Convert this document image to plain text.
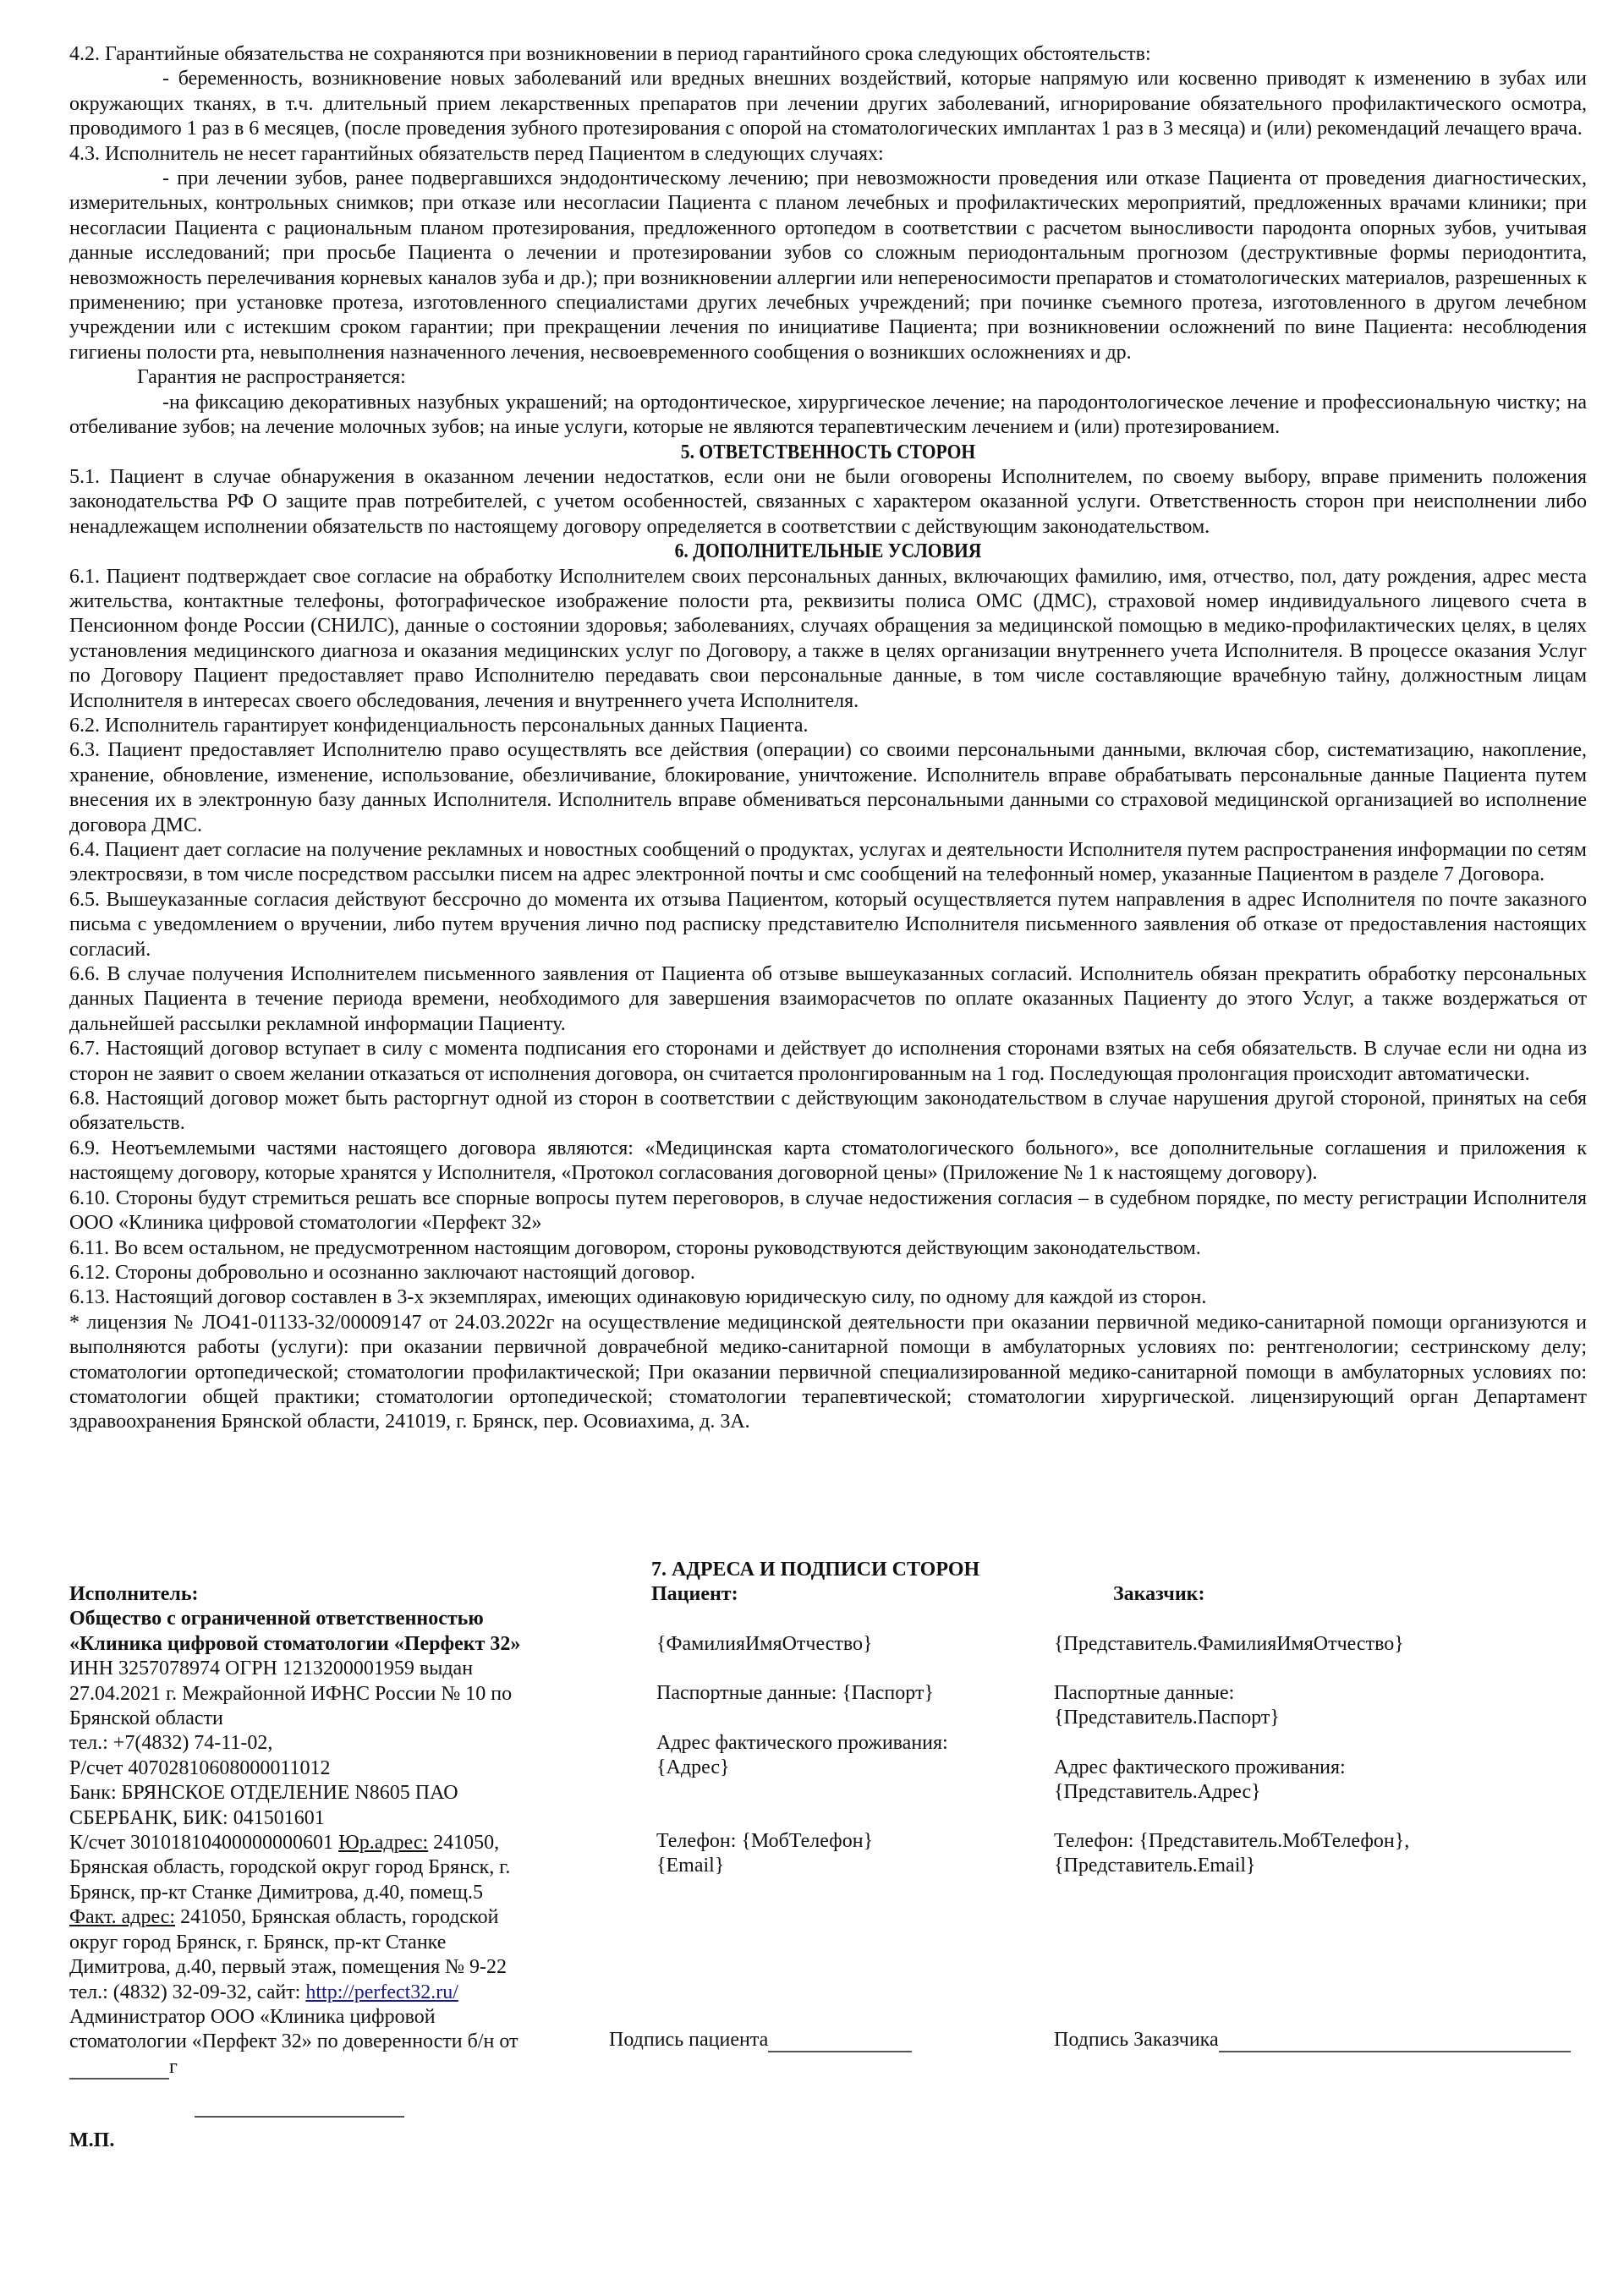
4.2. Гарантийные обязательства не сохраняются при возникновении в период гарантийного срока следующих обстоятельств:

- беременность, возникновение новых заболеваний или вредных внешних воздействий, которые напрямую или косвенно приводят к изменению в зубах или окружающих тканях, в т.ч. длительный прием лекарственных препаратов при лечении других заболеваний, игнорирование обязательного профилактического осмотра, проводимого 1 раз в 6 месяцев, (после проведения зубного протезирования с опорой на стоматологических имплантах 1 раз в 3 месяца) и (или) рекомендаций лечащего врача.

4.3. Исполнитель не несет гарантийных обязательств перед Пациентом в следующих случаях:

- при лечении зубов, ранее подвергавшихся эндодонтическому лечению; при невозможности проведения или отказе Пациента от проведения диагностических, измерительных, контрольных снимков; при отказе или несогласии Пациента с планом лечебных и профилактических мероприятий, предложенных врачами клиники; при несогласии Пациента с рациональным планом протезирования, предложенного ортопедом в соответствии с расчетом выносливости пародонта опорных зубов, учитывая данные исследований; при просьбе Пациента о лечении и протезировании зубов со сложным периодонтальным прогнозом (деструктивные формы периодонтита, невозможность перелечивания корневых каналов зуба и др.); при возникновении аллергии или непереносимости препаратов и стоматологических материалов, разрешенных к применению; при установке протеза, изготовленного специалистами других лечебных учреждений; при починке съемного протеза, изготовленного в другом лечебном учреждении или с истекшим сроком гарантии; при прекращении лечения по инициативе Пациента; при возникновении осложнений по вине Пациента: несоблюдения гигиены полости рта, невыполнения назначенного лечения, несвоевременного сообщения о возникших осложнениях и др.

Гарантия не распространяется:

-на фиксацию декоративных назубных украшений; на ортодонтическое, хирургическое лечение; на пародонтологическое лечение и профессиональную чистку; на отбеливание зубов; на лечение молочных зубов; на иные услуги, которые не являются терапевтическим лечением и (или) протезированием.

5. ОТВЕТСТВЕННОСТЬ СТОРОН

5.1. Пациент в случае обнаружения в оказанном лечении недостатков, если они не были оговорены Исполнителем, по своему выбору, вправе применить положения законодательства РФ О защите прав потребителей, с учетом особенностей, связанных с характером оказанной услуги. Ответственность сторон при неисполнении либо ненадлежащем исполнении обязательств по настоящему договору определяется в соответствии с действующим законодательством.

6. ДОПОЛНИТЕЛЬНЫЕ УСЛОВИЯ

6.1. Пациент подтверждает свое согласие на обработку Исполнителем своих персональных данных, включающих фамилию, имя, отчество, пол, дату рождения, адрес места жительства, контактные телефоны, фотографическое изображение полости рта, реквизиты полиса ОМС (ДМС), страховой номер индивидуального лицевого счета в Пенсионном фонде России (СНИЛС), данные о состоянии здоровья; заболеваниях, случаях обращения за медицинской помощью в медико-профилактических целях, в целях установления медицинского диагноза и оказания медицинских услуг по Договору, а также в целях организации внутреннего учета Исполнителя. В процессе оказания Услуг по Договору Пациент предоставляет право Исполнителю передавать свои персональные данные, в том числе составляющие врачебную тайну, должностным лицам Исполнителя в интересах своего обследования, лечения и внутреннего учета Исполнителя.

6.2. Исполнитель гарантирует конфиденциальность персональных данных Пациента.

6.3. Пациент предоставляет Исполнителю право осуществлять все действия (операции) со своими персональными данными, включая сбор, систематизацию, накопление, хранение, обновление, изменение, использование, обезличивание, блокирование, уничтожение. Исполнитель вправе обрабатывать персональные данные Пациента путем внесения их в электронную базу данных Исполнителя. Исполнитель вправе обмениваться персональными данными со страховой медицинской организацией во исполнение договора ДМС.

6.4. Пациент дает согласие на получение рекламных и новостных сообщений о продуктах, услугах и деятельности Исполнителя путем распространения информации по сетям электросвязи, в том числе посредством рассылки писем на адрес электронной почты и смс сообщений на телефонный номер, указанные Пациентом в разделе 7 Договора.

6.5. Вышеуказанные согласия действуют бессрочно до момента их отзыва Пациентом, который осуществляется путем направления в адрес Исполнителя по почте заказного письма с уведомлением о вручении, либо путем вручения лично под расписку представителю Исполнителя письменного заявления об отказе от предоставления настоящих согласий.

6.6. В случае получения Исполнителем письменного заявления от Пациента об отзыве вышеуказанных согласий. Исполнитель обязан прекратить обработку персональных данных Пациента в течение периода времени, необходимого для завершения взаиморасчетов по оплате оказанных Пациенту до этого Услуг, а также воздержаться от дальнейшей рассылки рекламной информации Пациенту.

6.7. Настоящий договор вступает в силу с момента подписания его сторонами и действует до исполнения сторонами взятых на себя обязательств. В случае если ни одна из сторон не заявит о своем желании отказаться от исполнения договора, он считается пролонгированным на 1 год. Последующая пролонгация происходит автоматически.

6.8. Настоящий договор может быть расторгнут одной из сторон в соответствии с действующим законодательством в случае нарушения другой стороной, принятых на себя обязательств.

6.9. Неотъемлемыми частями настоящего договора являются: «Медицинская карта стоматологического больного», все дополнительные соглашения и приложения к настоящему договору, которые хранятся у Исполнителя, «Протокол согласования договорной цены» (Приложение № 1 к настоящему договору).

6.10. Стороны будут стремиться решать все спорные вопросы путем переговоров, в случае недостижения согласия – в судебном порядке, по месту регистрации Исполнителя ООО «Клиника цифровой стоматологии «Перфект 32»

6.11. Во всем остальном, не предусмотренном настоящим договором, стороны руководствуются действующим законодательством.

6.12. Стороны добровольно и осознанно заключают настоящий договор.

6.13. Настоящий договор составлен в 3-х экземплярах, имеющих одинаковую юридическую силу, по одному для каждой из сторон.

* лицензия № ЛО41-01133-32/00009147 от 24.03.2022г на осуществление медицинской деятельности при оказании первичной медико-санитарной помощи организуются и выполняются работы (услуги): при оказании первичной доврачебной медико-санитарной помощи в амбулаторных условиях по: рентгенологии; сестринскому делу; стоматологии ортопедической; стоматологии профилактической; При оказании первичной специализированной медико-санитарной помощи в амбулаторных условиях по: стоматологии общей практики; стоматологии ортопедической; стоматологии терапевтической; стоматологии хирургической. лицензирующий орган Департамент здравоохранения Брянской области, 241019, г. Брянск, пер. Осовиахима, д. 3А.

7. АДРЕСА И ПОДПИСИ СТОРОН
Исполнитель:
Общество с ограниченной ответственностью
«Клиника цифровой стоматологии «Перфект 32»
ИНН 3257078974 ОГРН 1213200001959 выдан
27.04.2021 г. Межрайонной ИФНС России № 10 по
Брянской области
тел.: +7(4832) 74-11-02,
Р/счет 40702810608000011012
Банк: БРЯНСКОЕ ОТДЕЛЕНИЕ N8605 ПАО
СБЕРБАНК, БИК: 041501601
К/счет 30101810400000000601 Юр.адрес: 241050,
Брянская область, городской округ город Брянск, г.
Брянск, пр-кт Станке Димитрова, д.40, помещ.5
Факт. адрес: 241050, Брянская область, городской
округ город Брянск, г. Брянск, пр-кт Станке
Димитрова, д.40, первый этаж, помещения № 9-22
тел.: (4832) 32-09-32, сайт: http://perfect32.ru/
Администратор ООО «Клиника цифровой
стоматологии «Перфект 32» по доверенности б/н от
г
М.П.
Пациент:
{ФамилияИмяОтчество}
Паспортные данные: {Паспорт}
Адрес фактического проживания:
{Адрес}
Телефон: {МобТелефон}
{Email}
Подпись пациента
Заказчик:
{Представитель.ФамилияИмяОтчество}
Паспортные данные:
{Представитель.Паспорт}
Адрес фактического проживания:
{Представитель.Адрес}
Телефон: {Представитель.МобТелефон},
{Представитель.Email}
Подпись Заказчика
